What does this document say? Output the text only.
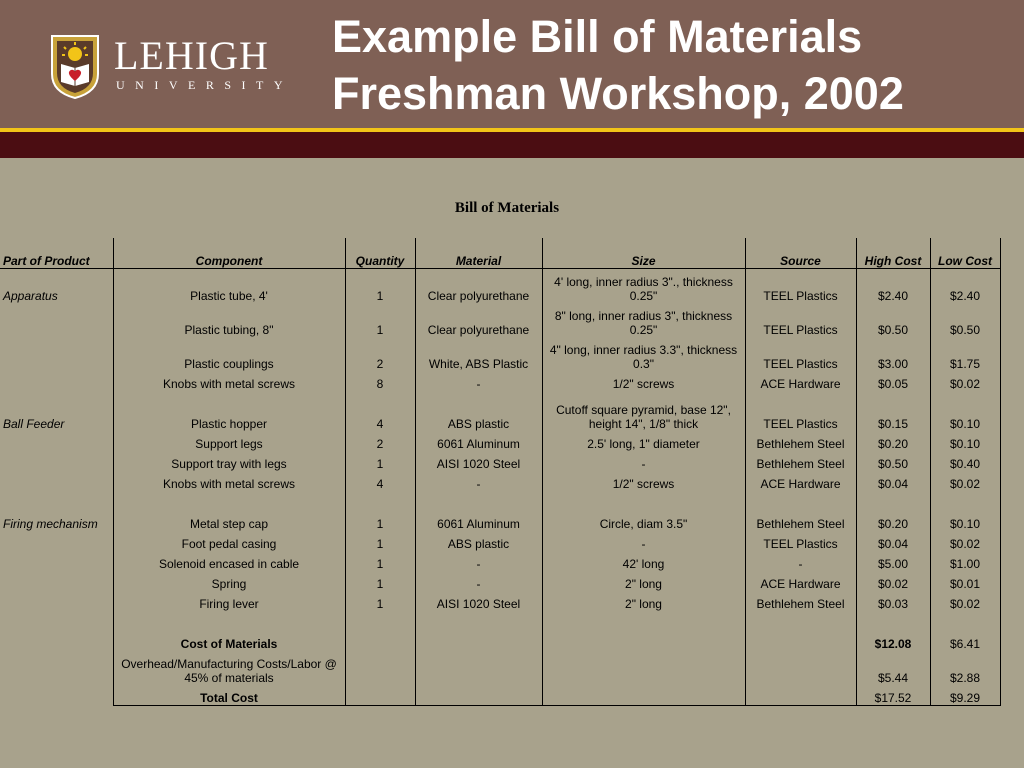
LEHIGH
UNIVERSITY
Example Bill of Materials
Freshman Workshop, 2002
Bill of Materials
Part of Product	Component	Quantity	Material	Size	Source	High Cost	Low Cost
Apparatus	Plastic tube, 4'	1	Clear polyurethane	4' long, inner radius 3"., thickness 0.25"	TEEL Plastics	$2.40	$2.40
	Plastic tubing, 8"	1	Clear polyurethane	8" long, inner radius 3", thickness 0.25"	TEEL Plastics	$0.50	$0.50
	Plastic couplings	2	White, ABS Plastic	4" long, inner radius 3.3", thickness 0.3"	TEEL Plastics	$3.00	$1.75
	Knobs with metal screws	8	-	1/2" screws	ACE Hardware	$0.05	$0.02
Ball Feeder	Plastic hopper	4	ABS plastic	Cutoff square pyramid, base 12", height 14", 1/8" thick	TEEL Plastics	$0.15	$0.10
	Support legs	2	6061 Aluminum	2.5' long, 1" diameter	Bethlehem Steel	$0.20	$0.10
	Support tray with legs	1	AISI 1020 Steel	-	Bethlehem Steel	$0.50	$0.40
	Knobs with metal screws	4	-	1/2" screws	ACE Hardware	$0.04	$0.02

Firing mechanism	Metal step cap	1	6061 Aluminum	Circle, diam 3.5"	Bethlehem Steel	$0.20	$0.10
	Foot pedal casing	1	ABS plastic	-	TEEL Plastics	$0.04	$0.02
	Solenoid encased in cable	1	-	42' long	-	$5.00	$1.00
	Spring	1	-	2" long	ACE Hardware	$0.02	$0.01
	Firing lever	1	AISI 1020 Steel	2" long	Bethlehem Steel	$0.03	$0.02

	Cost of Materials					$12.08	$6.41
	Overhead/Manufacturing Costs/Labor @ 45% of materials					$5.44	$2.88
	Total Cost					$17.52	$9.29
